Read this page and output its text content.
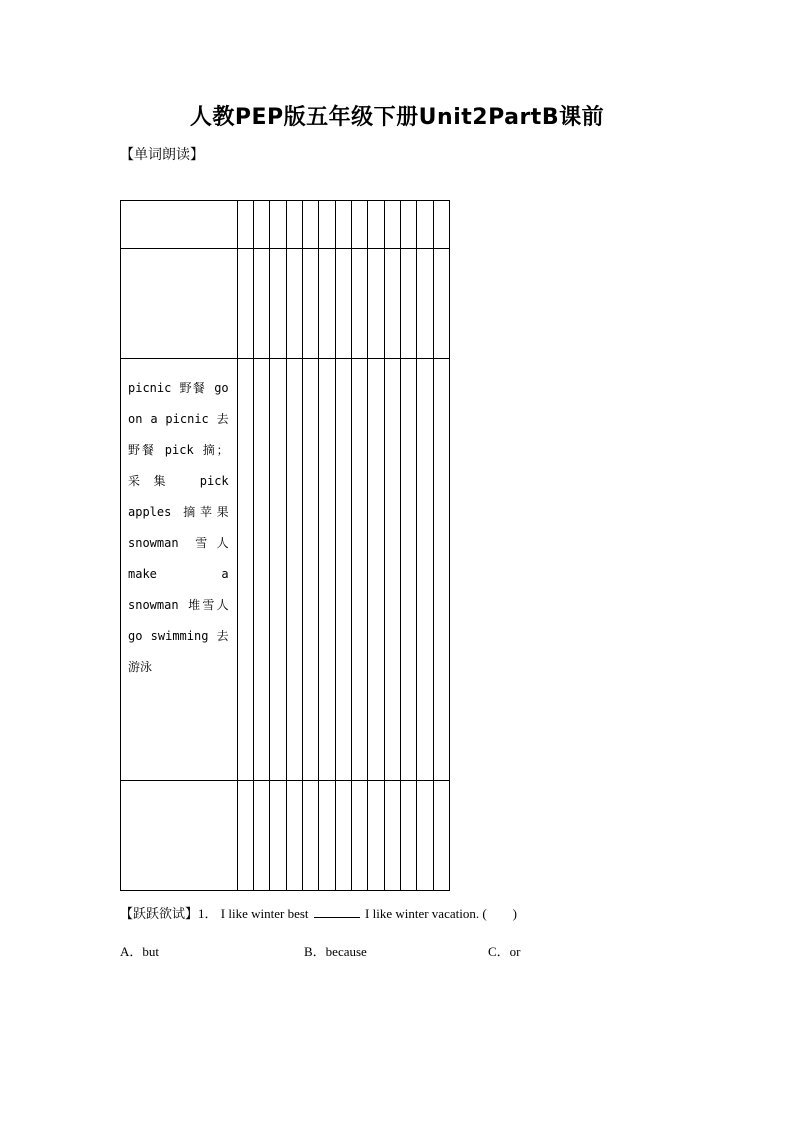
人教PEP版五年级下册Unit2PartB课前
【单词朗读】

picnic 野餐 go on a picnic 去野餐 pick 摘；采集 pick apples 摘苹果 snowman 雪人 make a snowman 堆雪人 go swimming 去游泳													

【跃跃欲试】1． I like winter best	I like winter vacation. ( )
A．but	B．because	C．or
